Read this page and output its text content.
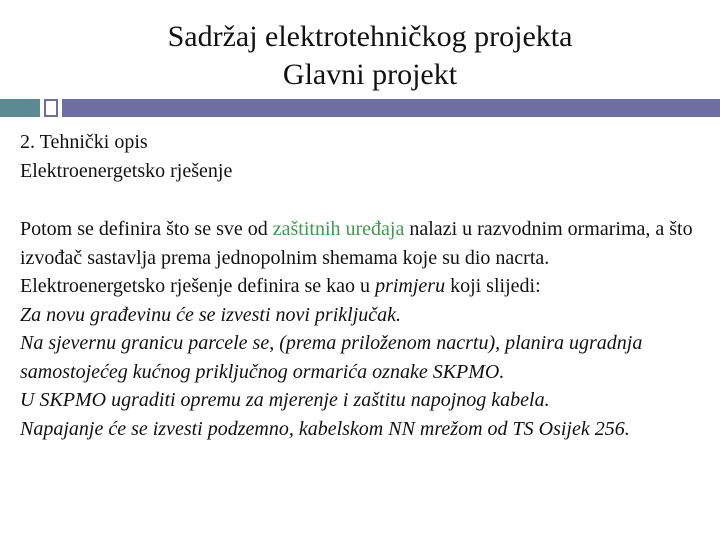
Sadržaj elektrotehničkog projekta
Glavni projekt
2. Tehnički opis
Elektroenergetsko rješenje
Potom se definira što se sve od zaštitnih uređaja nalazi u razvodnim ormarima, a što izvođač sastavlja prema jednopolnim shemama koje su dio nacrta.
Elektroenergetsko rješenje definira se kao u primjeru koji slijedi:
Za novu građevinu će se izvesti novi priključak.
Na sjevernu granicu parcele se, (prema priloženom nacrtu), planira ugradnja samostojećeg kućnog priključnog ormarića oznake SKPMO.
U SKPMO ugraditi opremu za mjerenje i zaštitu napojnog kabela.
Napajanje će se izvesti podzemno, kabelskom NN mrežom od TS Osijek 256.
